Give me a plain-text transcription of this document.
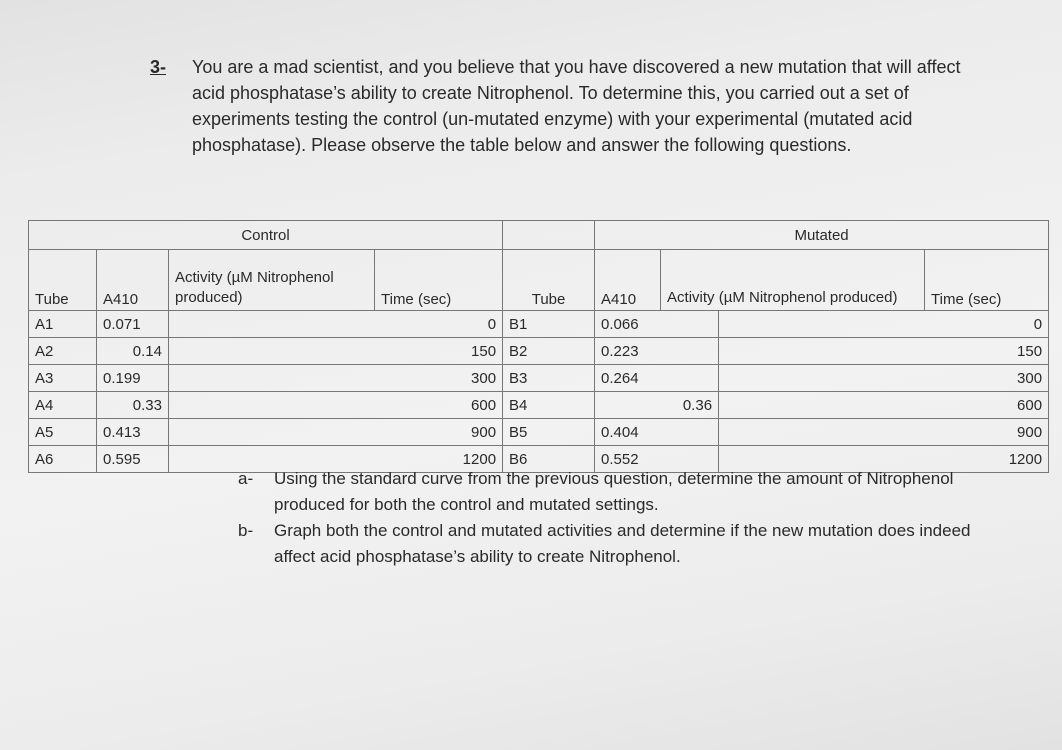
3- You are a mad scientist, and you believe that you have discovered a new mutation that will affect acid phosphatase’s ability to create Nitrophenol. To determine this, you carried out a set of experiments testing the control (un-mutated enzyme) with your experimental (mutated acid phosphatase). Please observe the table below and answer the following questions.
Control					Mutated			
Tube	A410	Activity (µM Nitrophenol produced)	Time (sec)	Tube	A410	Activity (µM Nitrophenol produced)		Time (sec)
A1	0.071	0		B1	0.066		0	
A2	0.14	150		B2	0.223		150	
A3	0.199	300		B3	0.264		300	
A4	0.33	600		B4	0.36		600	
A5	0.413	900		B5	0.404		900	
A6	0.595	1200		B6	0.552		1200	
a- Using the standard curve from the previous question, determine the amount of Nitrophenol produced for both the control and mutated settings.
b- Graph both the control and mutated activities and determine if the new mutation does indeed affect acid phosphatase’s ability to create Nitrophenol.
